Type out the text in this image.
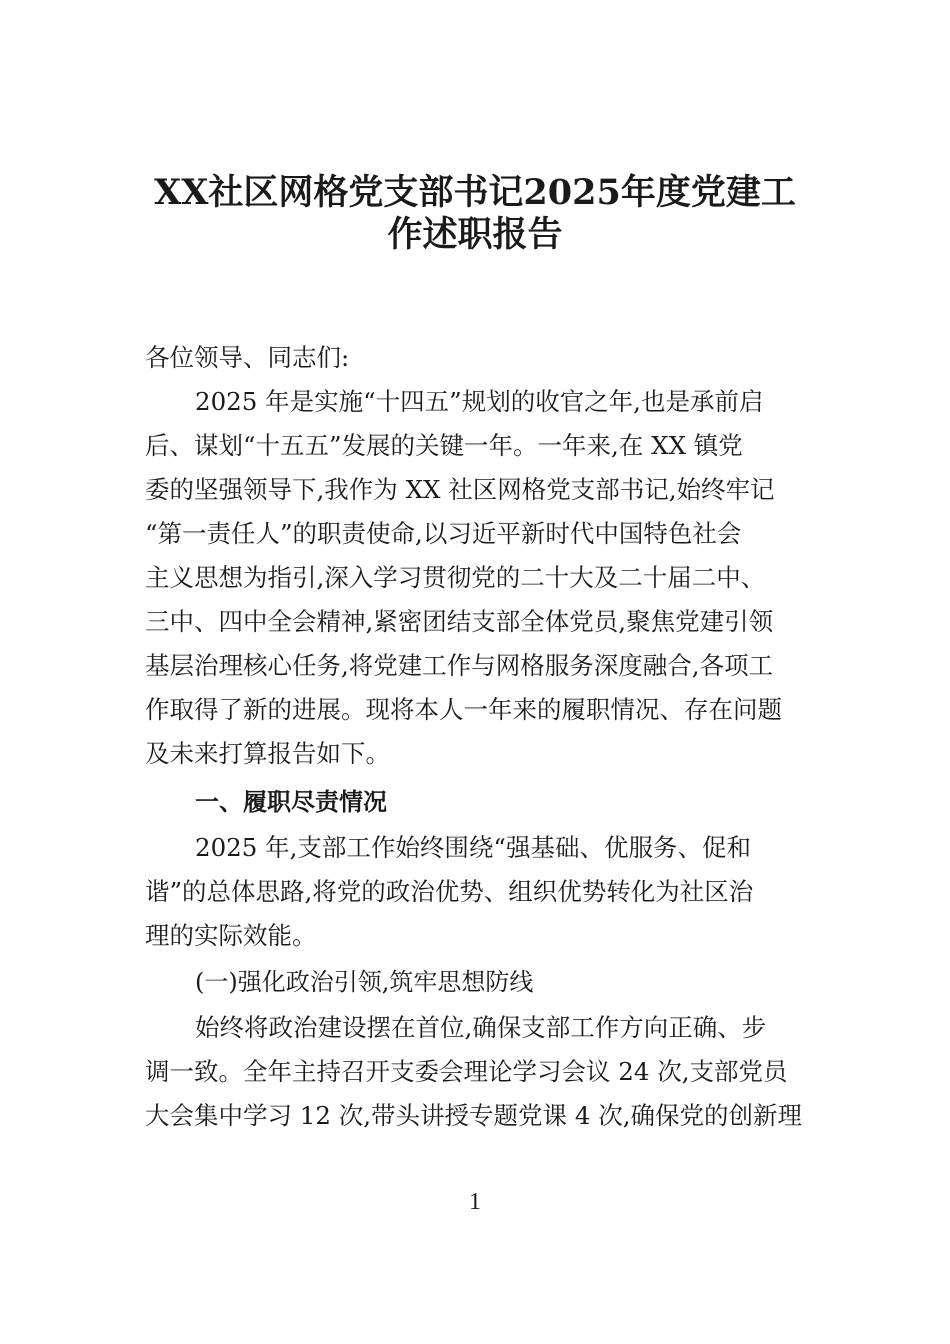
XX社区网格党支部书记2025年度党建工
作述职报告
各位领导、同志们:
2025 年是实施“十四五”规划的收官之年,也是承前启
后、谋划“十五五”发展的关键一年。一年来,在 XX 镇党
委的坚强领导下,我作为 XX 社区网格党支部书记,始终牢记
“第一责任人”的职责使命,以习近平新时代中国特色社会
主义思想为指引,深入学习贯彻党的二十大及二十届二中、
三中、四中全会精神,紧密团结支部全体党员,聚焦党建引领
基层治理核心任务,将党建工作与网格服务深度融合,各项工
作取得了新的进展。现将本人一年来的履职情况、存在问题
及未来打算报告如下。
一、履职尽责情况
2025 年,支部工作始终围绕“强基础、优服务、促和
谐”的总体思路,将党的政治优势、组织优势转化为社区治
理的实际效能。
(一)强化政治引领,筑牢思想防线
始终将政治建设摆在首位,确保支部工作方向正确、步
调一致。全年主持召开支委会理论学习会议 24 次,支部党员
大会集中学习 12 次,带头讲授专题党课 4 次,确保党的创新理
1
